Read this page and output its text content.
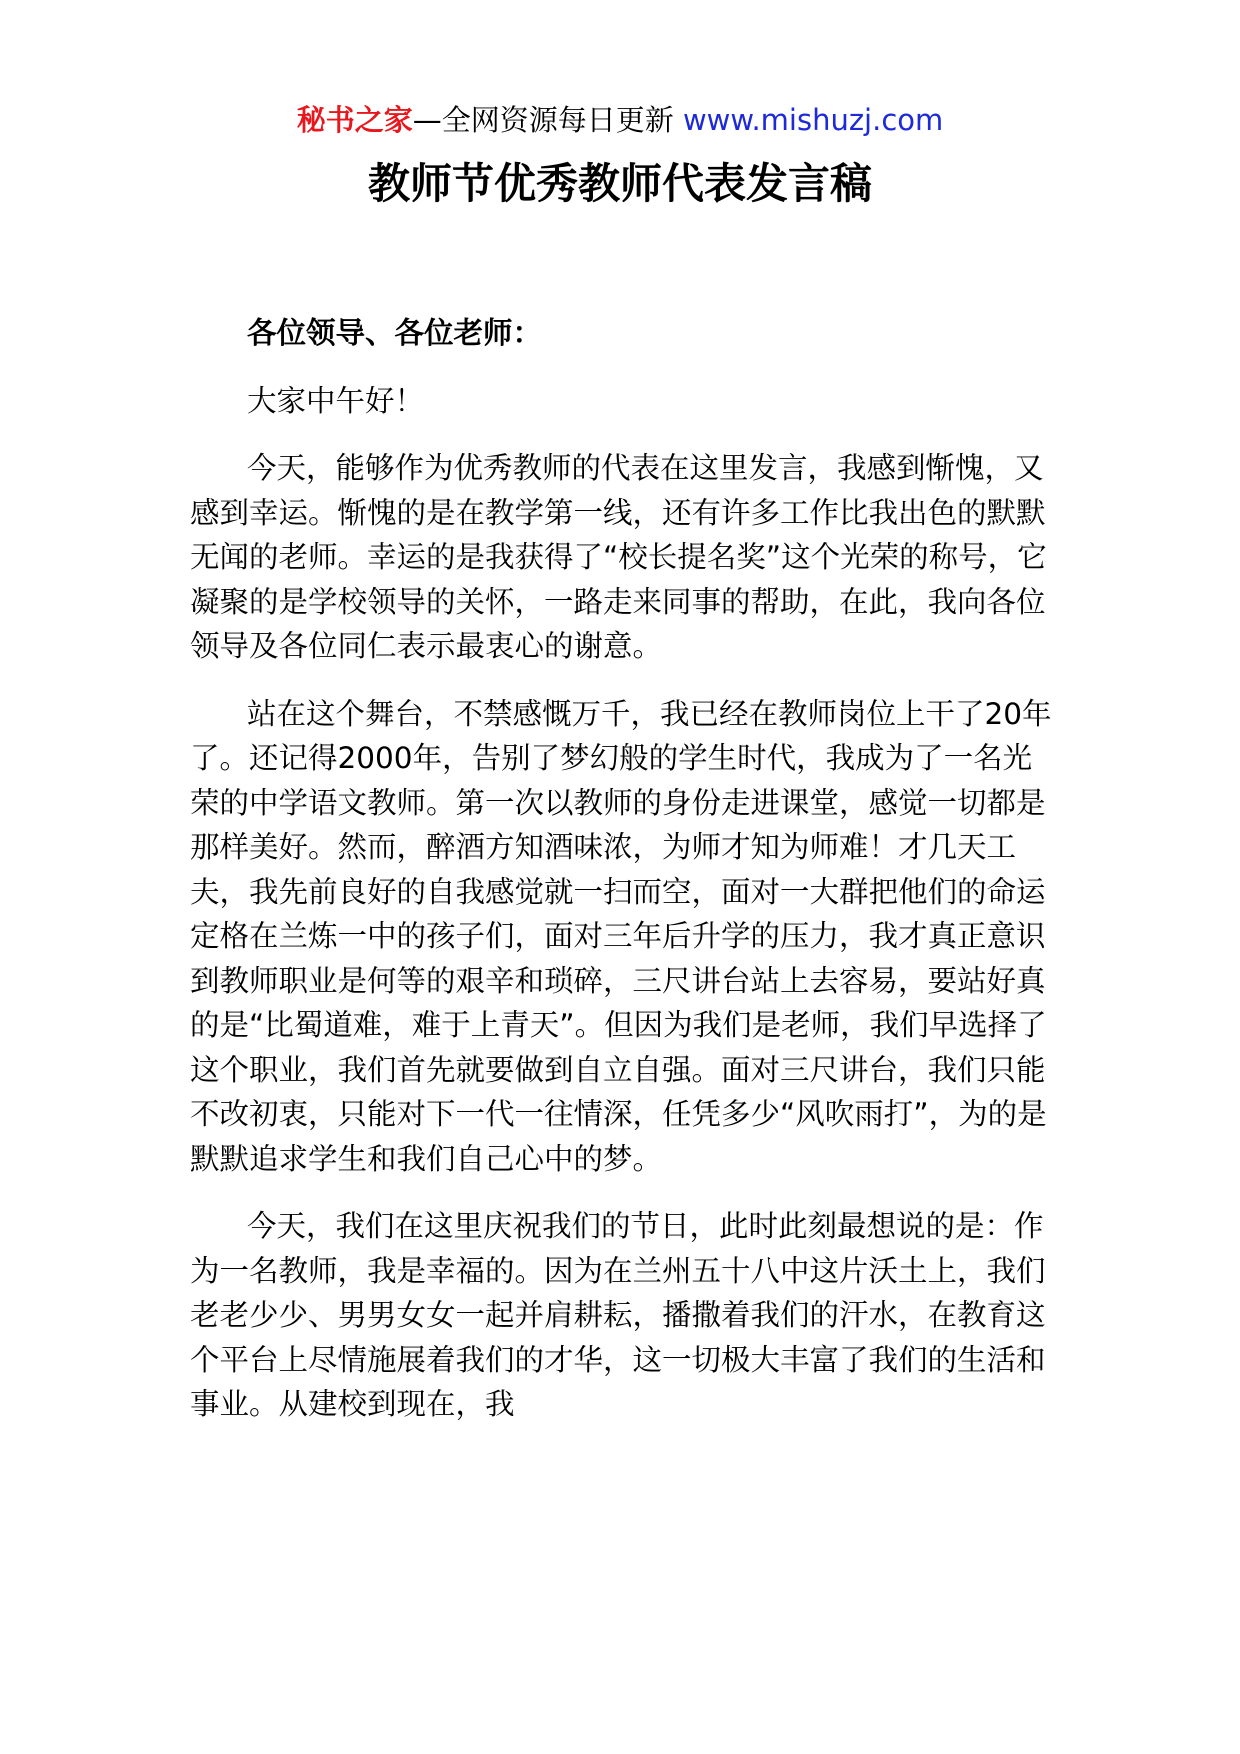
秘书之家—全网资源每日更新 www.mishuzj.com
教师节优秀教师代表发言稿

各位领导、各位老师：

大家中午好！

今天，能够作为优秀教师的代表在这里发言，我感到惭愧，又感到幸运。惭愧的是在教学第一线，还有许多工作比我出色的默默无闻的老师。幸运的是我获得了“校长提名奖”这个光荣的称号，它凝聚的是学校领导的关怀，一路走来同事的帮助，在此，我向各位领导及各位同仁表示最衷心的谢意。

站在这个舞台，不禁感慨万千，我已经在教师岗位上干了20年了。还记得2000年，告别了梦幻般的学生时代，我成为了一名光荣的中学语文教师。第一次以教师的身份走进课堂，感觉一切都是那样美好。然而，醉酒方知酒味浓，为师才知为师难！才几天工夫，我先前良好的自我感觉就一扫而空，面对一大群把他们的命运定格在兰炼一中的孩子们，面对三年后升学的压力，我才真正意识到教师职业是何等的艰辛和琐碎，三尺讲台站上去容易，要站好真的是“比蜀道难，难于上青天”。但因为我们是老师，我们早选择了这个职业，我们首先就要做到自立自强。面对三尺讲台，我们只能不改初衷，只能对下一代一往情深，任凭多少“风吹雨打”，为的是默默追求学生和我们自己心中的梦。

今天，我们在这里庆祝我们的节日，此时此刻最想说的是：作为一名教师，我是幸福的。因为在兰州五十八中这片沃土上，我们老老少少、男男女女一起并肩耕耘，播撒着我们的汗水，在教育这个平台上尽情施展着我们的才华，这一切极大丰富了我们的生活和事业。从建校到现在，我
